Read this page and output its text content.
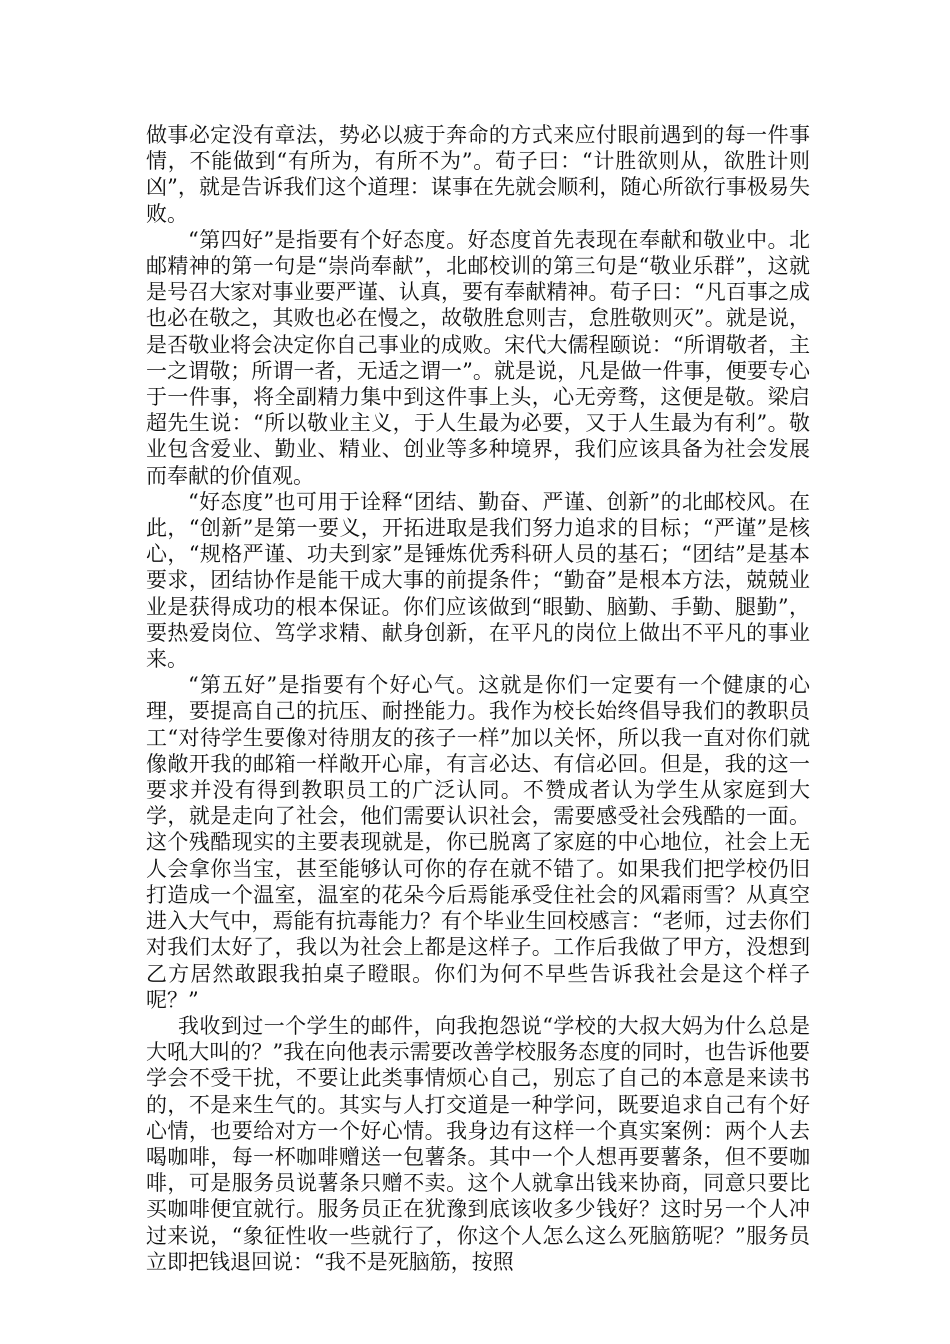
做事必定没有章法，势必以疲于奔命的方式来应付眼前遇到的每一件事情，不能做到“有所为，有所不为”。荀子曰：“计胜欲则从，欲胜计则凶”，就是告诉我们这个道理：谋事在先就会顺利，随心所欲行事极易失败。

“第四好”是指要有个好态度。好态度首先表现在奉献和敬业中。北邮精神的第一句是“崇尚奉献”，北邮校训的第三句是“敬业乐群”，这就是号召大家对事业要严谨、认真，要有奉献精神。荀子曰：“凡百事之成也必在敬之，其败也必在慢之，故敬胜怠则吉，怠胜敬则灭”。就是说，是否敬业将会决定你自己事业的成败。宋代大儒程颐说：“所谓敬者，主一之谓敬；所谓一者，无适之谓一”。就是说，凡是做一件事，便要专心于一件事，将全副精力集中到这件事上头，心无旁骛，这便是敬。梁启超先生说：“所以敬业主义，于人生最为必要，又于人生最为有利”。敬业包含爱业、勤业、精业、创业等多种境界，我们应该具备为社会发展而奉献的价值观。

“好态度”也可用于诠释“团结、勤奋、严谨、创新”的北邮校风。在此，“创新”是第一要义，开拓进取是我们努力追求的目标；“严谨”是核心，“规格严谨、功夫到家”是锤炼优秀科研人员的基石；“团结”是基本要求，团结协作是能干成大事的前提条件；“勤奋”是根本方法，兢兢业业是获得成功的根本保证。你们应该做到“眼勤、脑勤、手勤、腿勤”，要热爱岗位、笃学求精、献身创新，在平凡的岗位上做出不平凡的事业来。

“第五好”是指要有个好心气。这就是你们一定要有一个健康的心理，要提高自己的抗压、耐挫能力。我作为校长始终倡导我们的教职员工“对待学生要像对待朋友的孩子一样”加以关怀，所以我一直对你们就像敞开我的邮箱一样敞开心扉，有言必达、有信必回。但是，我的这一要求并没有得到教职员工的广泛认同。不赞成者认为学生从家庭到大学，就是走向了社会，他们需要认识社会，需要感受社会残酷的一面。这个残酷现实的主要表现就是，你已脱离了家庭的中心地位，社会上无人会拿你当宝，甚至能够认可你的存在就不错了。如果我们把学校仍旧打造成一个温室，温室的花朵今后焉能承受住社会的风霜雨雪？从真空进入大气中，焉能有抗毒能力？有个毕业生回校感言：“老师，过去你们对我们太好了，我以为社会上都是这样子。工作后我做了甲方，没想到乙方居然敢跟我拍桌子瞪眼。你们为何不早些告诉我社会是这个样子呢？”

我收到过一个学生的邮件，向我抱怨说“学校的大叔大妈为什么总是大吼大叫的？”我在向他表示需要改善学校服务态度的同时，也告诉他要学会不受干扰，不要让此类事情烦心自己，别忘了自己的本意是来读书的，不是来生气的。其实与人打交道是一种学问，既要追求自己有个好心情，也要给对方一个好心情。我身边有这样一个真实案例：两个人去喝咖啡，每一杯咖啡赠送一包薯条。其中一个人想再要薯条，但不要咖啡，可是服务员说薯条只赠不卖。这个人就拿出钱来协商，同意只要比买咖啡便宜就行。服务员正在犹豫到底该收多少钱好？这时另一个人冲过来说，“象征性收一些就行了，你这个人怎么这么死脑筋呢？”服务员立即把钱退回说：“我不是死脑筋，按照
